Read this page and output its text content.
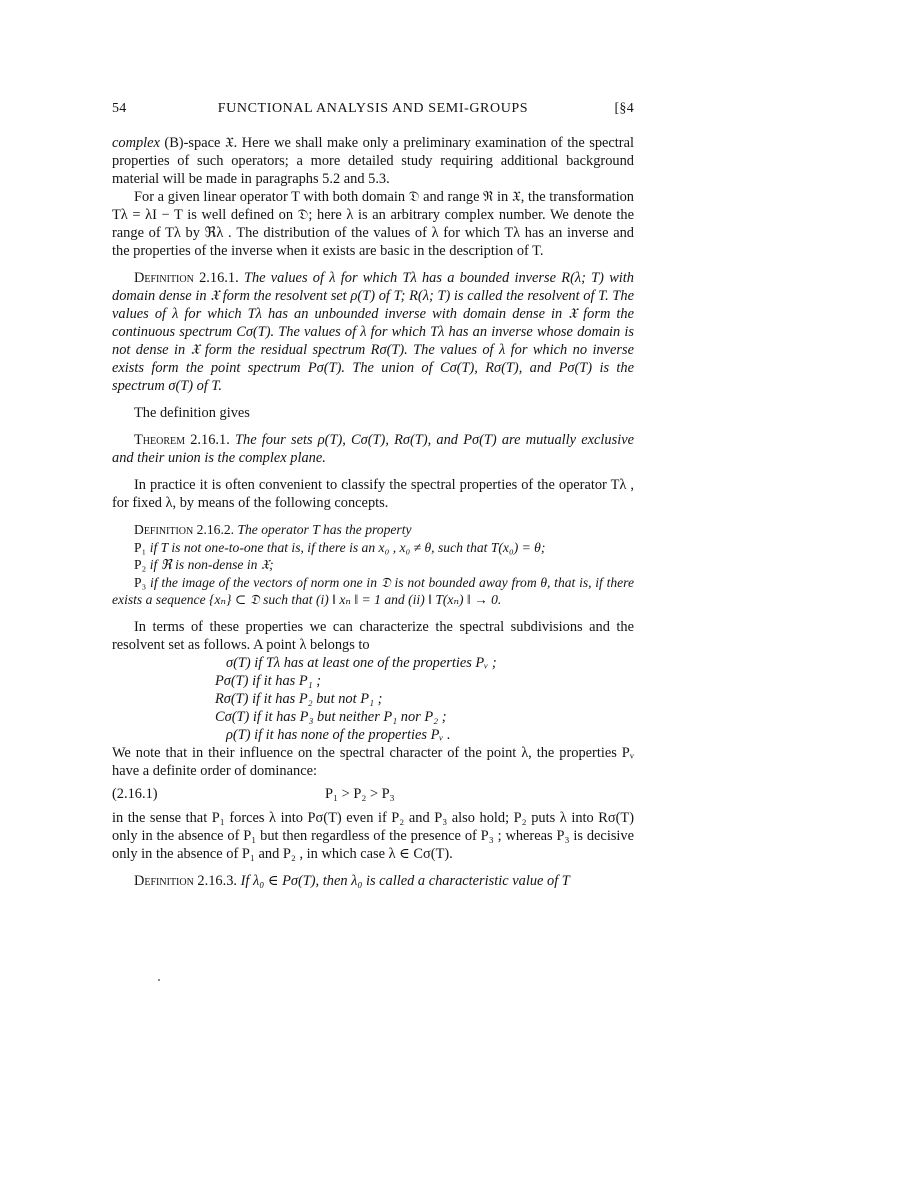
54	FUNCTIONAL ANALYSIS AND SEMI-GROUPS	[§4

complex (B)-space 𝔛. Here we shall make only a preliminary examination of the spectral properties of such operators; a more detailed study requiring additional background material will be made in paragraphs 5.2 and 5.3.

For a given linear operator T with both domain 𝔇 and range ℜ in 𝔛, the transformation Tλ = λI − T is well defined on 𝔇; here λ is an arbitrary complex number. We denote the range of Tλ by ℜλ . The distribution of the values of λ for which Tλ has an inverse and the properties of the inverse when it exists are basic in the description of T.

Definition 2.16.1. The values of λ for which Tλ has a bounded inverse R(λ; T) with domain dense in 𝔛 form the resolvent set ρ(T) of T; R(λ; T) is called the resolvent of T. The values of λ for which Tλ has an unbounded inverse with domain dense in 𝔛 form the continuous spectrum Cσ(T). The values of λ for which Tλ has an inverse whose domain is not dense in 𝔛 form the residual spectrum Rσ(T). The values of λ for which no inverse exists form the point spectrum Pσ(T). The union of Cσ(T), Rσ(T), and Pσ(T) is the spectrum σ(T) of T.

The definition gives

Theorem 2.16.1. The four sets ρ(T), Cσ(T), Rσ(T), and Pσ(T) are mutually exclusive and their union is the complex plane.

In practice it is often convenient to classify the spectral properties of the operator Tλ , for fixed λ, by means of the following concepts.

Definition 2.16.2. The operator T has the property

P₁ if T is not one-to-one that is, if there is an x₀ , x₀ ≠ θ, such that T(x₀) = θ;
P₂ if ℜ is non-dense in 𝔛;
P₃ if the image of the vectors of norm one in 𝔇 is not bounded away from θ, that is, if there exists a sequence {xₙ} ⊂ 𝔇 such that (i) ‖ xₙ ‖ = 1 and (ii) ‖ T(xₙ) ‖ → 0.

In terms of these properties we can characterize the spectral subdivisions and the resolvent set as follows. A point λ belongs to

σ(T) if Tλ has at least one of the properties Pᵥ ;
Pσ(T) if it has P₁ ;
Rσ(T) if it has P₂ but not P₁ ;
Cσ(T) if it has P₃ but neither P₁ nor P₂ ;
ρ(T) if it has none of the properties Pᵥ .

We note that in their influence on the spectral character of the point λ, the properties Pᵥ have a definite order of dominance:

(2.16.1)	P₁ > P₂ > P₃

in the sense that P₁ forces λ into Pσ(T) even if P₂ and P₃ also hold; P₂ puts λ into Rσ(T) only in the absence of P₁ but then regardless of the presence of P₃ ; whereas P₃ is decisive only in the absence of P₁ and P₂ , in which case λ ∈ Cσ(T).

Definition 2.16.3. If λ₀ ∈ Pσ(T), then λ₀ is called a characteristic value of T
